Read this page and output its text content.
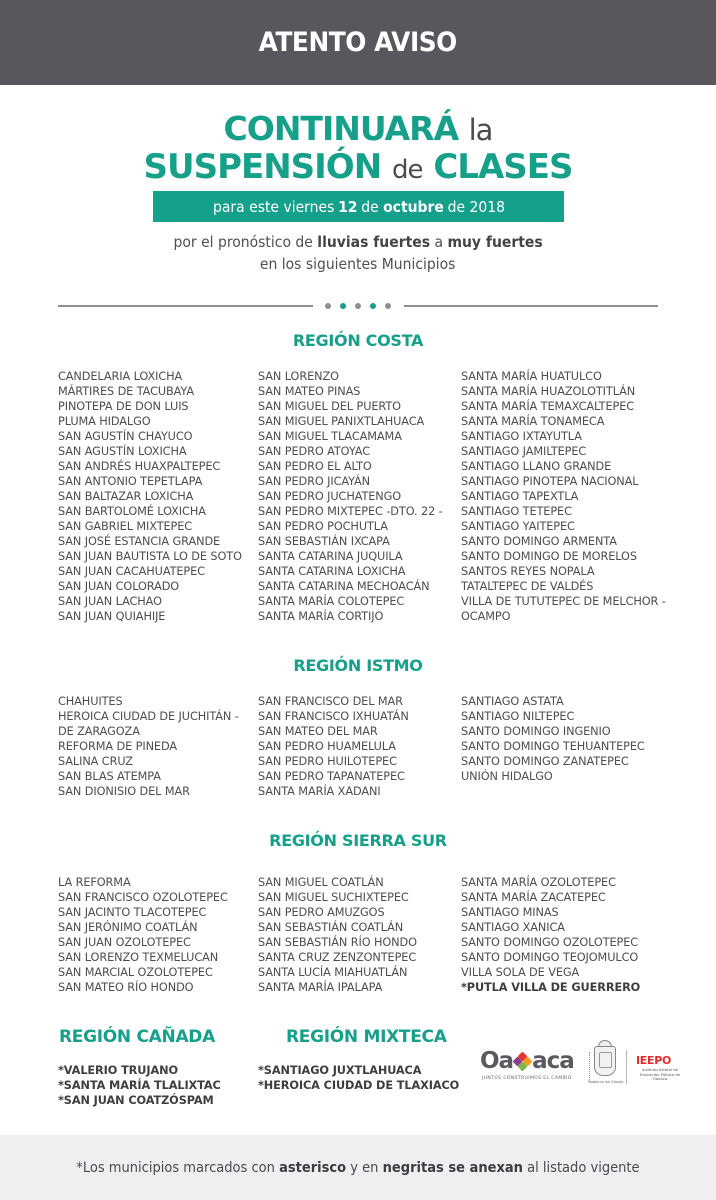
ATENTO AVISO
CONTINUARÁ la
SUSPENSIÓN de CLASES
para este viernes 12 de octubre de 2018
por el pronóstico de lluvias fuertes a muy fuertes
en los siguientes Municipios
REGIÓN COSTA
CANDELARIA LOXICHA
MÁRTIRES DE TACUBAYA
PINOTEPA DE DON LUIS
PLUMA HIDALGO
SAN AGUSTÍN CHAYUCO
SAN AGUSTÍN LOXICHA
SAN ANDRÉS HUAXPALTEPEC
SAN ANTONIO TEPETLAPA
SAN BALTAZAR LOXICHA
SAN BARTOLOMÉ LOXICHA
SAN GABRIEL MIXTEPEC
SAN JOSÉ ESTANCIA GRANDE
SAN JUAN BAUTISTA LO DE SOTO
SAN JUAN CACAHUATEPEC
SAN JUAN COLORADO
SAN JUAN LACHAO
SAN JUAN QUIAHIJE
SAN LORENZO
SAN MATEO PINAS
SAN MIGUEL DEL PUERTO
SAN MIGUEL PANIXTLAHUACA
SAN MIGUEL TLACAMAMA
SAN PEDRO ATOYAC
SAN PEDRO EL ALTO
SAN PEDRO JICAYÁN
SAN PEDRO JUCHATENGO
SAN PEDRO MIXTEPEC -DTO. 22 -
SAN PEDRO POCHUTLA
SAN SEBASTIÁN IXCAPA
SANTA CATARINA JUQUILA
SANTA CATARINA LOXICHA
SANTA CATARINA MECHOACÁN
SANTA MARÍA COLOTEPEC
SANTA MARÍA CORTIJO
SANTA MARÍA HUATULCO
SANTA MARÍA HUAZOLOTITLÁN
SANTA MARÍA TEMAXCALTEPEC
SANTA MARÍA TONAMECA
SANTIAGO IXTAYUTLA
SANTIAGO JAMILTEPEC
SANTIAGO LLANO GRANDE
SANTIAGO PINOTEPA NACIONAL
SANTIAGO TAPEXTLA
SANTIAGO TETEPEC
SANTIAGO YAITEPEC
SANTO DOMINGO ARMENTA
SANTO DOMINGO DE MORELOS
SANTOS REYES NOPALA
TATALTEPEC DE VALDÉS
VILLA DE TUTUTEPEC DE MELCHOR -
OCAMPO
REGIÓN ISTMO
CHAHUITES
HEROICA CIUDAD DE JUCHITÁN -
DE ZARAGOZA
REFORMA DE PINEDA
SALINA CRUZ
SAN BLAS ATEMPA
SAN DIONISIO DEL MAR
SAN FRANCISCO DEL MAR
SAN FRANCISCO IXHUATÁN
SAN MATEO DEL MAR
SAN PEDRO HUAMELULA
SAN PEDRO HUILOTEPEC
SAN PEDRO TAPANATEPEC
SANTA MARÍA XADANI
SANTIAGO ASTATA
SANTIAGO NILTEPEC
SANTO DOMINGO INGENIO
SANTO DOMINGO TEHUANTEPEC
SANTO DOMINGO ZANATEPEC
UNIÓN HIDALGO
REGIÓN SIERRA SUR
LA REFORMA
SAN FRANCISCO OZOLOTEPEC
SAN JACINTO TLACOTEPEC
SAN JERÓNIMO COATLÁN
SAN JUAN OZOLOTEPEC
SAN LORENZO TEXMELUCAN
SAN MARCIAL OZOLOTEPEC
SAN MATEO RÍO HONDO
SAN MIGUEL COATLÁN
SAN MIGUEL SUCHIXTEPEC
SAN PEDRO AMUZGOS
SAN SEBASTIÁN COATLÁN
SAN SEBASTIÁN RÍO HONDO
SANTA CRUZ ZENZONTEPEC
SANTA LUCÍA MIAHUATLÁN
SANTA MARÍA IPALAPA
SANTA MARÍA OZOLOTEPEC
SANTA MARÍA ZACATEPEC
SANTIAGO MINAS
SANTIAGO XANICA
SANTO DOMINGO OZOLOTEPEC
SANTO DOMINGO TEOJOMULCO
VILLA SOLA DE VEGA
*PUTLA VILLA DE GUERRERO
REGIÓN CAÑADA
*VALERIO TRUJANO
*SANTA MARÍA TLALIXTAC
*SAN JUAN COATZÓSPAM
REGIÓN MIXTECA
*SANTIAGO JUXTLAHUACA
*HEROICA CIUDAD DE TLAXIACO
Oa aca
JUNTOS CONSTRUIMOS EL CAMBIO
Gobierno del Estado
IEEPO
Instituto Estatal de Educación Pública de Oaxaca

*Los municipios marcados con asterisco y en negritas se anexan al listado vigente
